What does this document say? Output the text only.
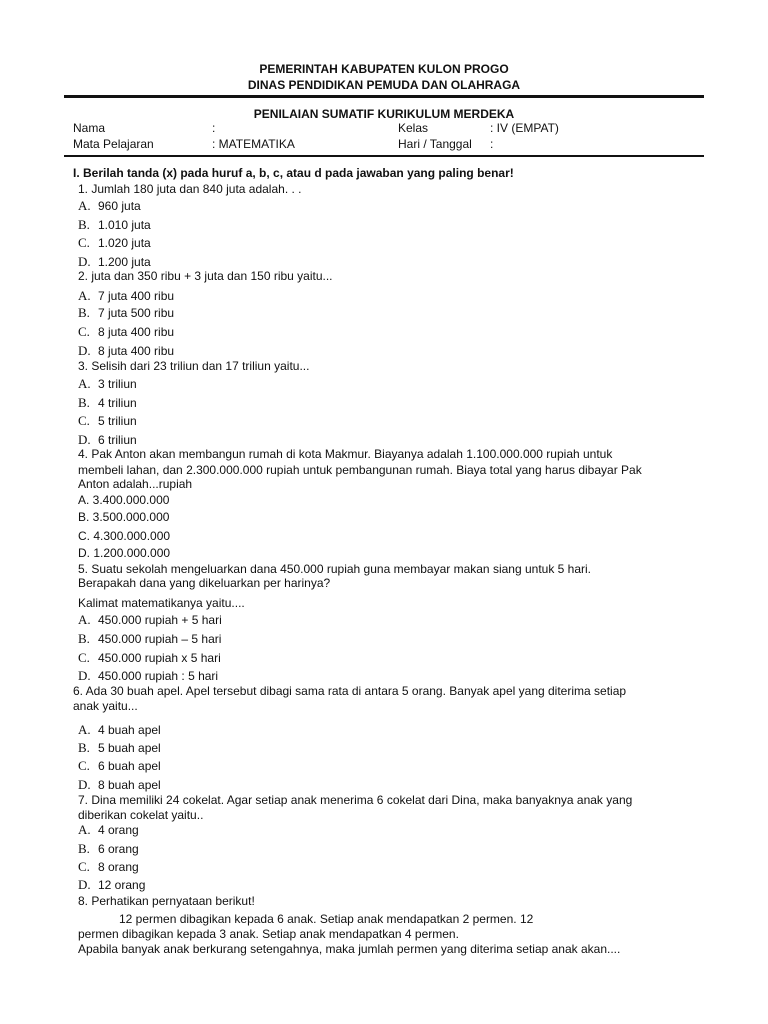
PEMERINTAH KABUPATEN KULON PROGO
DINAS PENDIDIKAN PEMUDA DAN OLAHRAGA
PENILAIAN SUMATIF KURIKULUM MERDEKA
Nama	:	Kelas	: IV (EMPAT)
Mata Pelajaran	: MATEMATIKA	Hari / Tanggal :
I. Berilah tanda (x) pada huruf a, b, c, atau d pada jawaban yang paling benar!
1. Jumlah 180 juta dan 840 juta adalah. . .
A. 960 juta
B. 1.010 juta
C. 1.020 juta
D. 1.200 juta
2. juta dan 350 ribu + 3 juta dan 150 ribu yaitu...
A. 7 juta 400 ribu
B. 7 juta 500 ribu
C. 8 juta 400 ribu
D. 8 juta 400 ribu
3. Selisih dari 23 triliun dan 17 triliun yaitu...
A. 3 triliun
B. 4 triliun
C. 5 triliun
D. 6 triliun
4. Pak Anton akan membangun rumah di kota Makmur. Biayanya adalah 1.100.000.000 rupiah untuk
membeli lahan, dan 2.300.000.000 rupiah untuk pembangunan rumah. Biaya total yang harus dibayar Pak
Anton adalah...rupiah
A. 3.400.000.000
B. 3.500.000.000
C. 4.300.000.000
D. 1.200.000.000
5. Suatu sekolah mengeluarkan dana 450.000 rupiah guna membayar makan siang untuk 5 hari.
Berapakah dana yang dikeluarkan per harinya?
Kalimat matematikanya yaitu....
A. 450.000 rupiah + 5 hari
B. 450.000 rupiah – 5 hari
C. 450.000 rupiah x 5 hari
D. 450.000 rupiah : 5 hari
6. Ada 30 buah apel. Apel tersebut dibagi sama rata di antara 5 orang. Banyak apel yang diterima setiap
anak yaitu...
A. 4 buah apel
B. 5 buah apel
C. 6 buah apel
D. 8 buah apel
7. Dina memiliki 24 cokelat. Agar setiap anak menerima 6 cokelat dari Dina, maka banyaknya anak yang
diberikan cokelat yaitu..
A. 4 orang
B. 6 orang
C. 8 orang
D. 12 orang
8. Perhatikan pernyataan berikut!
12 permen dibagikan kepada 6 anak. Setiap anak mendapatkan 2 permen. 12
permen dibagikan kepada 3 anak. Setiap anak mendapatkan 4 permen.
Apabila banyak anak berkurang setengahnya, maka jumlah permen yang diterima setiap anak akan....
